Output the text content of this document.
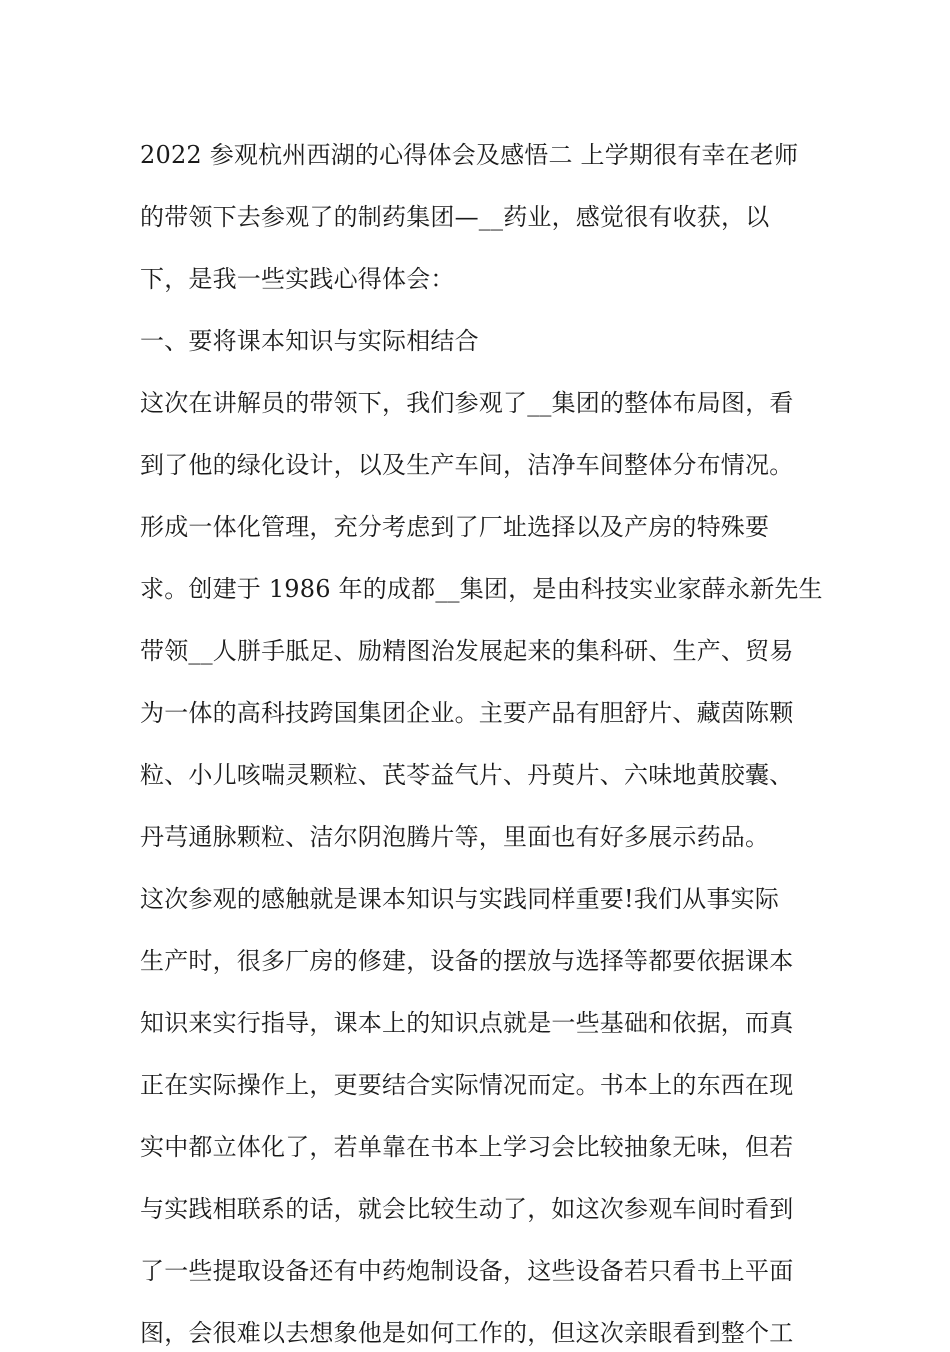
2022 参观杭州西湖的心得体会及感悟二 上学期很有幸在老师

的带领下去参观了的制药集团—__药业，感觉很有收获，以

下，是我一些实践心得体会：

一、要将课本知识与实际相结合

这次在讲解员的带领下，我们参观了__集团的整体布局图，看

到了他的绿化设计，以及生产车间，洁净车间整体分布情况。

形成一体化管理，充分考虑到了厂址选择以及产房的特殊要

求。创建于 1986 年的成都__集团，是由科技实业家薛永新先生

带领__人胼手胝足、励精图治发展起来的集科研、生产、贸易

为一体的高科技跨国集团企业。主要产品有胆舒片、藏茵陈颗

粒、小儿咳喘灵颗粒、芪苓益气片、丹萸片、六味地黄胶囊、

丹芎通脉颗粒、洁尔阴泡腾片等，里面也有好多展示药品。

这次参观的感触就是课本知识与实践同样重要!我们从事实际

生产时，很多厂房的修建，设备的摆放与选择等都要依据课本

知识来实行指导，课本上的知识点就是一些基础和依据，而真

正在实际操作上，更要结合实际情况而定。书本上的东西在现

实中都立体化了，若单靠在书本上学习会比较抽象无味，但若

与实践相联系的话，就会比较生动了，如这次参观车间时看到

了一些提取设备还有中药炮制设备，这些设备若只看书上平面

图，会很难以去想象他是如何工作的，但这次亲眼看到整个工
